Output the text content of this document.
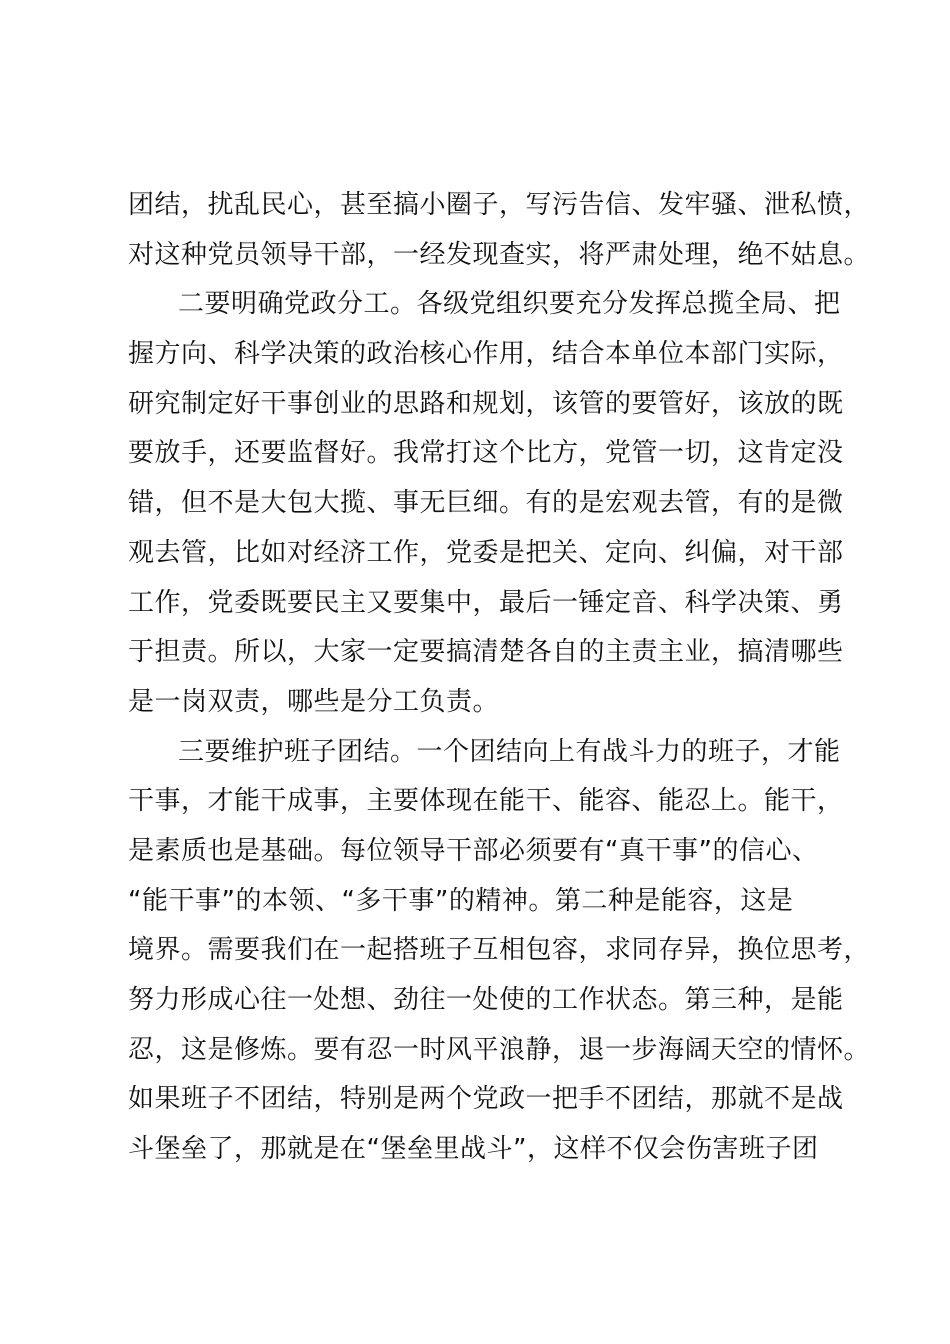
团结，扰乱民心，甚至搞小圈子，写污告信、发牢骚、泄私愤，
对这种党员领导干部，一经发现查实，将严肃处理，绝不姑息。
二要明确党政分工。各级党组织要充分发挥总揽全局、把
握方向、科学决策的政治核心作用，结合本单位本部门实际，
研究制定好干事创业的思路和规划，该管的要管好，该放的既
要放手，还要监督好。我常打这个比方，党管一切，这肯定没
错，但不是大包大揽、事无巨细。有的是宏观去管，有的是微
观去管，比如对经济工作，党委是把关、定向、纠偏，对干部
工作，党委既要民主又要集中，最后一锤定音、科学决策、勇
于担责。所以，大家一定要搞清楚各自的主责主业，搞清哪些
是一岗双责，哪些是分工负责。
三要维护班子团结。一个团结向上有战斗力的班子，才能
干事，才能干成事，主要体现在能干、能容、能忍上。能干，
是素质也是基础。每位领导干部必须要有“真干事”的信心、
“能干事”的本领、“多干事”的精神。第二种是能容，这是
境界。需要我们在一起搭班子互相包容，求同存异，换位思考，
努力形成心往一处想、劲往一处使的工作状态。第三种，是能
忍，这是修炼。要有忍一时风平浪静，退一步海阔天空的情怀。
如果班子不团结，特别是两个党政一把手不团结，那就不是战
斗堡垒了，那就是在“堡垒里战斗”，这样不仅会伤害班子团
